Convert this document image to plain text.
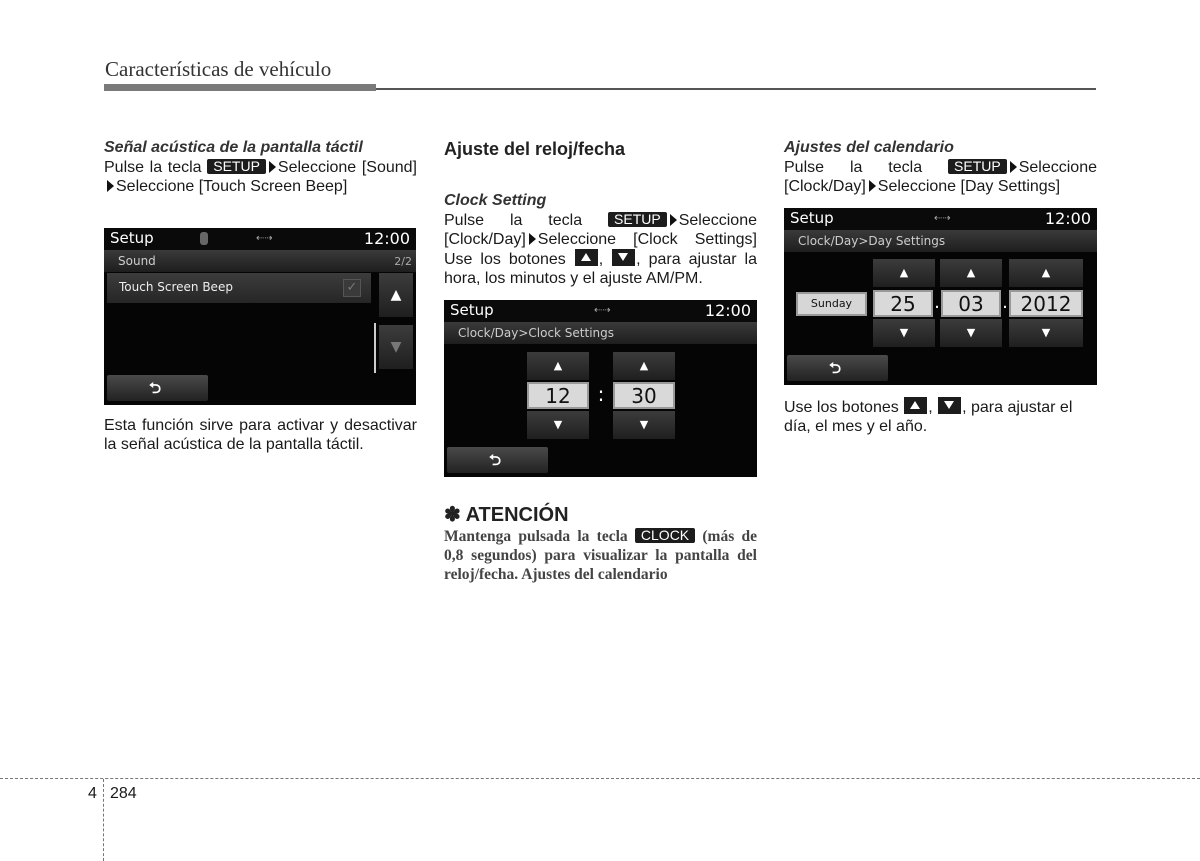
Características de vehículo
Señal acústica de la pantalla táctil
Pulse la tecla SETUP Seleccione [Sound]Seleccione [Touch Screen Beep]
Setup	⇠⇢	12:00
Sound	2/2
Touch Screen Beep	✓	▲
▼
⮌
Esta función sirve para activar y desactivar la señal acústica de la pantalla táctil.
Ajuste del reloj/fecha
Clock Setting
Pulse la tecla SETUP Seleccione [Clock/Day] Seleccione [Clock Settings] Use los botones , , para ajustar la hora, los minutos y el ajuste AM/PM.
Setup	⇠⇢	12:00
Clock/Day>Clock Settings
▲	▲
12	:	30
▼	▼
⮌
✽ ATENCIÓN
Mantenga pulsada la tecla CLOCK (más de 0,8 segundos) para visualizar la pantalla del reloj/fecha. Ajustes del calendario
Ajustes del calendario
Pulse la tecla SETUP Seleccione [Clock/Day] Seleccione [Day Settings]
Setup	⇠⇢	12:00
Clock/Day>Day Settings
▲	▲	▲
Sunday	25	. 03	. 2012
▼	▼	▼
⮌
Use los botones , , para ajustar el día, el mes y el año.
4 284
